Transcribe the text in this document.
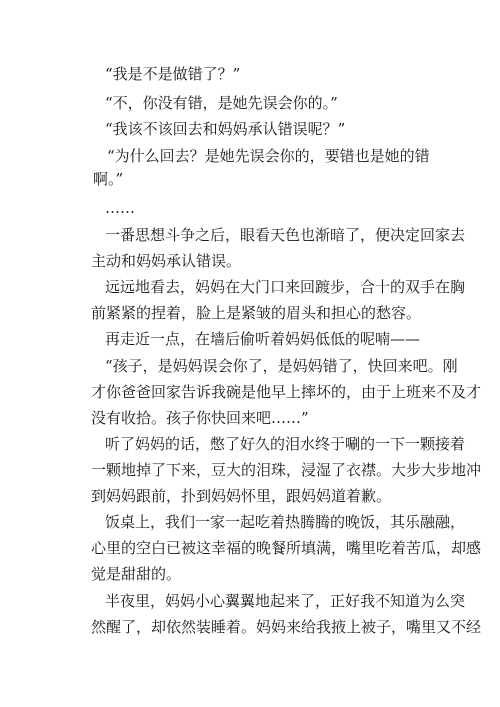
“我是不是做错了？”

“不，你没有错，是她先误会你的。”

“我该不该回去和妈妈承认错误呢？”

“为什么回去？是她先误会你的，要错也是她的错
啊。”

……

一番思想斗争之后，眼看天色也渐暗了，便决定回家去
主动和妈妈承认错误。

远远地看去，妈妈在大门口来回踱步，合十的双手在胸
前紧紧的捏着，脸上是紧皱的眉头和担心的愁容。

再走近一点，在墙后偷听着妈妈低低的呢喃——

“孩子，是妈妈误会你了，是妈妈错了，快回来吧。刚
才你爸爸回家告诉我碗是他早上摔坏的，由于上班来不及才
没有收拾。孩子你快回来吧……”

听了妈妈的话，憋了好久的泪水终于唰的一下一颗接着
一颗地掉了下来，豆大的泪珠，浸湿了衣襟。大步大步地冲
到妈妈跟前，扑到妈妈怀里，跟妈妈道着歉。

饭桌上，我们一家一起吃着热腾腾的晚饭，其乐融融，
心里的空白已被这幸福的晚餐所填满，嘴里吃着苦瓜，却感
觉是甜甜的。

半夜里，妈妈小心翼翼地起来了，正好我不知道为么突
然醒了，却依然装睡着。妈妈来给我掖上被子，嘴里又不经
